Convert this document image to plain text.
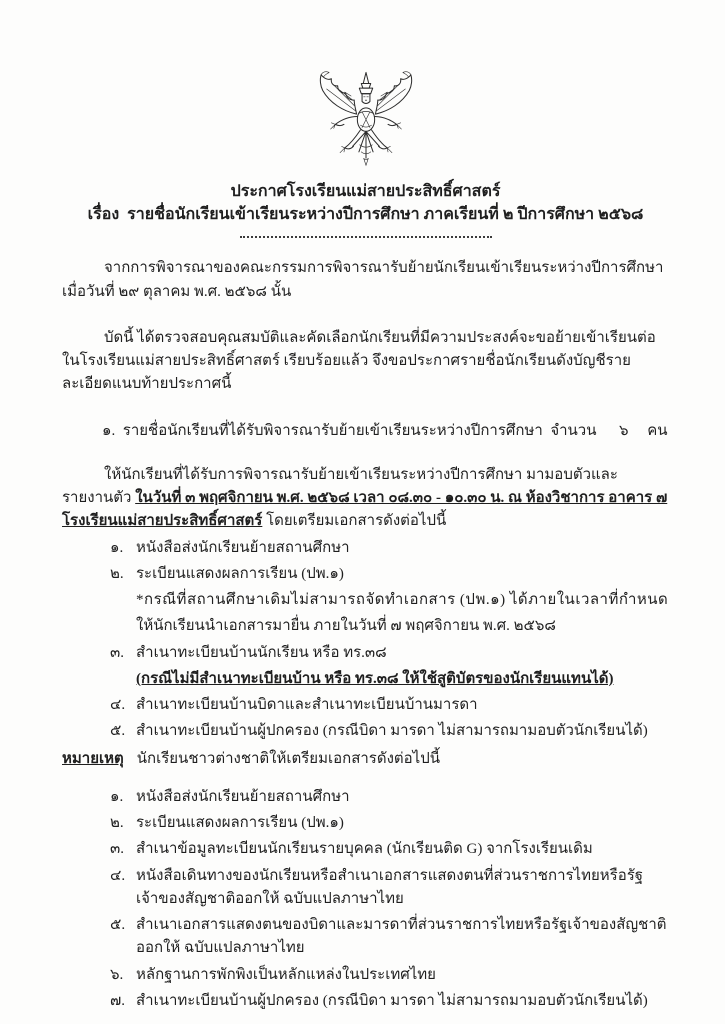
ประกาศโรงเรียนแม่สายประสิทธิ์ศาสตร์
เรื่อง  รายชื่อนักเรียนเข้าเรียนระหว่างปีการศึกษา ภาคเรียนที่ ๒ ปีการศึกษา ๒๕๖๘

จากการพิจารณาของคณะกรรมการพิจารณารับย้ายนักเรียนเข้าเรียนระหว่างปีการศึกษา เมื่อวันที่ ๒๙ ตุลาคม พ.ศ. ๒๕๖๘ นั้น

บัดนี้ ได้ตรวจสอบคุณสมบัติและคัดเลือกนักเรียนที่มีความประสงค์จะขอย้ายเข้าเรียนต่อในโรงเรียนแม่สายประสิทธิ์ศาสตร์ เรียบร้อยแล้ว จึงขอประกาศรายชื่อนักเรียนดังบัญชีรายละเอียดแนบท้ายประกาศนี้

๑.  รายชื่อนักเรียนที่ได้รับพิจารณารับย้ายเข้าเรียนระหว่างปีการศึกษา  จำนวน      ๖     คน

ให้นักเรียนที่ได้รับการพิจารณารับย้ายเข้าเรียนระหว่างปีการศึกษา มามอบตัวและรายงานตัว ในวันที่ ๓ พฤศจิกายน พ.ศ. ๒๕๖๘ เวลา ๐๘.๓๐ - ๑๐.๓๐ น. ณ ห้องวิชาการ อาคาร ๗ โรงเรียนแม่สายประสิทธิ์ศาสตร์ โดยเตรียมเอกสารดังต่อไปนี้

๑. หนังสือส่งนักเรียนย้ายสถานศึกษา
๒. ระเบียนแสดงผลการเรียน (ปพ.๑)
*กรณีที่สถานศึกษาเดิมไม่สามารถจัดทำเอกสาร (ปพ.๑) ได้ภายในเวลาที่กำหนด
ให้นักเรียนนำเอกสารมายื่น ภายในวันที่ ๗ พฤศจิกายน พ.ศ. ๒๕๖๘
๓. สำเนาทะเบียนบ้านนักเรียน หรือ ทร.๓๘
(กรณีไม่มีสำเนาทะเบียนบ้าน หรือ ทร.๓๘ ให้ใช้สูติบัตรของนักเรียนแทนได้)
๔. สำเนาทะเบียนบ้านบิดาและสำเนาทะเบียนบ้านมารดา
๕. สำเนาทะเบียนบ้านผู้ปกครอง (กรณีบิดา มารดา ไม่สามารถมามอบตัวนักเรียนได้)

หมายเหตุ นักเรียนชาวต่างชาติให้เตรียมเอกสารดังต่อไปนี้

๑. หนังสือส่งนักเรียนย้ายสถานศึกษา
๒. ระเบียนแสดงผลการเรียน (ปพ.๑)
๓. สำเนาข้อมูลทะเบียนนักเรียนรายบุคคล (นักเรียนติด G) จากโรงเรียนเดิม
๔. หนังสือเดินทางของนักเรียนหรือสำเนาเอกสารแสดงตนที่ส่วนราชการไทยหรือรัฐเจ้าของสัญชาติออกให้ ฉบับแปลภาษาไทย
๕. สำเนาเอกสารแสดงตนของบิดาและมารดาที่ส่วนราชการไทยหรือรัฐเจ้าของสัญชาติออกให้ ฉบับแปลภาษาไทย
๖. หลักฐานการพักพิงเป็นหลักแหล่งในประเทศไทย
๗. สำเนาทะเบียนบ้านผู้ปกครอง (กรณีบิดา มารดา ไม่สามารถมามอบตัวนักเรียนได้)
